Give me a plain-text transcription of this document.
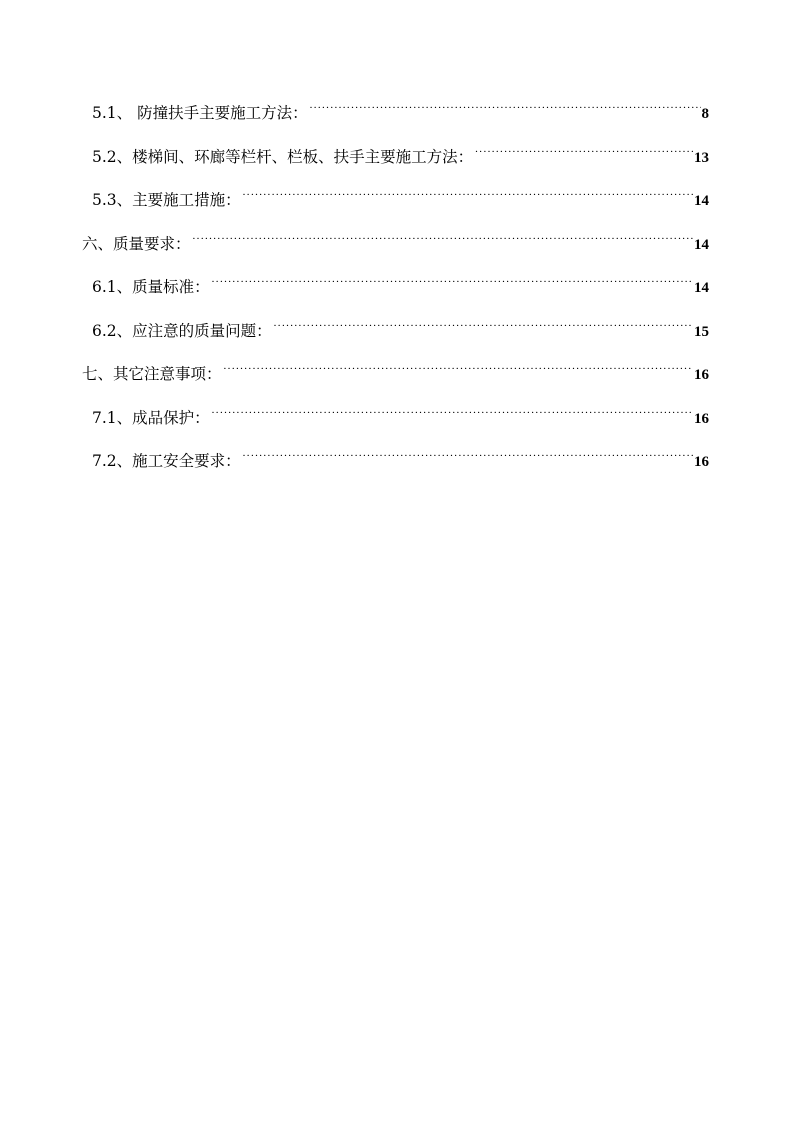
5.1、 防撞扶手主要施工方法： .....	8
5.2、楼梯间、环廊等栏杆、栏板、扶手主要施工方法： .....	13
5.3、主要施工措施： .....	14
六、质量要求： .....	14
6.1、质量标准： .....	14
6.2、应注意的质量问题： .....	15
七、其它注意事项： .....	16
7.1、成品保护： .....	16
7.2、施工安全要求： .....	16
